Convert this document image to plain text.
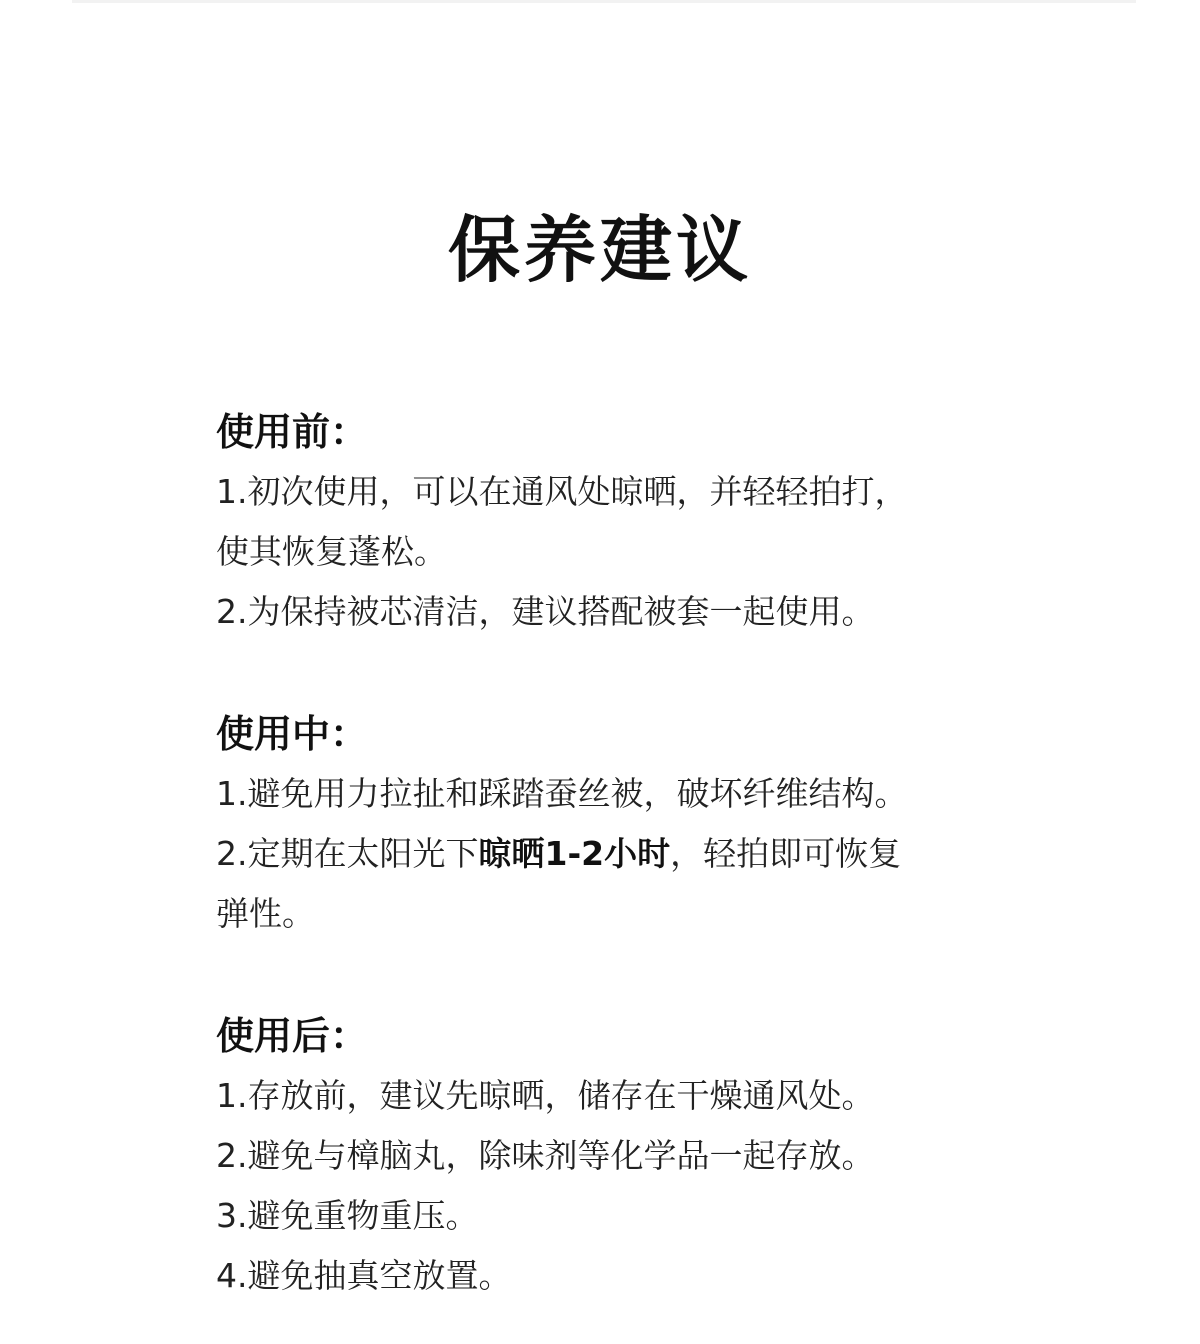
保养建议
使用前：
1.初次使用，可以在通风处晾晒，并轻轻拍打，
使其恢复蓬松。
2.为保持被芯清洁，建议搭配被套一起使用。
使用中：
1.避免用力拉扯和踩踏蚕丝被，破坏纤维结构。
2.定期在太阳光下晾晒1-2小时，轻拍即可恢复
弹性。
使用后：
1.存放前，建议先晾晒，储存在干燥通风处。
2.避免与樟脑丸，除味剂等化学品一起存放。
3.避免重物重压。
4.避免抽真空放置。
